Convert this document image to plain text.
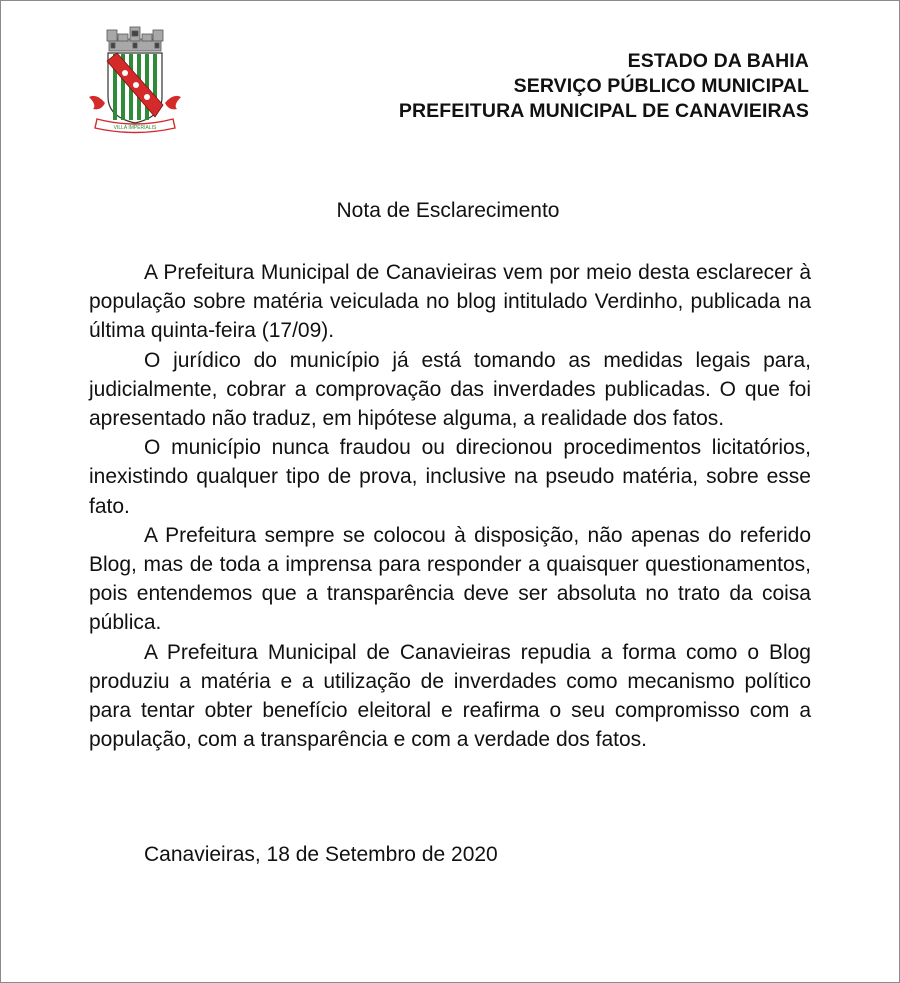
VILLA IMPERIALIS
ESTADO DA BAHIA
SERVIÇO PÚBLICO MUNICIPAL
PREFEITURA MUNICIPAL DE CANAVIEIRAS
Nota de Esclarecimento

A Prefeitura Municipal de Canavieiras vem por meio desta esclarecer à população sobre matéria veiculada no blog intitulado Verdinho, publicada na última quinta-feira (17/09).

O jurídico do município já está tomando as medidas legais para, judicialmente, cobrar a comprovação das inverdades publicadas. O que foi apresentado não traduz, em hipótese alguma, a realidade dos fatos.

O município nunca fraudou ou direcionou procedimentos licitatórios, inexistindo qualquer tipo de prova, inclusive na pseudo matéria, sobre esse fato.

A Prefeitura sempre se colocou à disposição, não apenas do referido Blog, mas de toda a imprensa para responder a quaisquer questionamentos, pois entendemos que a transparência deve ser absoluta no trato da coisa pública.

A Prefeitura Municipal de Canavieiras repudia a forma como o Blog produziu a matéria e a utilização de inverdades como mecanismo político para tentar obter benefício eleitoral e reafirma o seu compromisso com a população, com a transparência e com a verdade dos fatos.

Canavieiras, 18 de Setembro de 2020
